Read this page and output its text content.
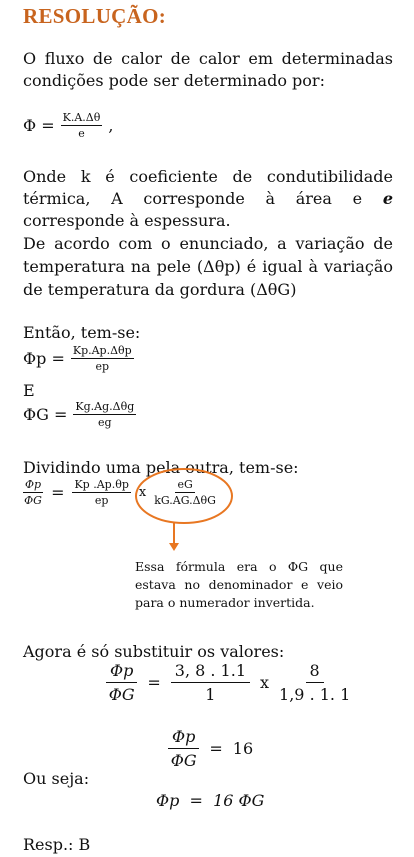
RESOLUÇÃO:
O fluxo de calor de calor em determinadas condições pode ser determinado por:
$\Phi = \frac{K.A.\Delta\theta}{e}$ ,
Onde k é coeficiente de condutibilidade térmica, A corresponde à área e e corresponde à espessura.
De acordo com o enunciado, a variação de temperatura na pele (Δθp) é igual à variação de temperatura da gordura (ΔθG)
Então, tem-se:
$\Phi p = \frac{\text{Kp.Ap.Δθp}}{ep}$
E
$\Phi G = \frac{\text{Kg.Ag.Δθg}}{eg}$
Dividindo uma pela outra, tem-se:
$\frac{\Phi p}{\Phi G} = \frac{Kp .Ap.\theta p}{ep}$ x $\frac{eG}{\text{kG.AG.ΔθG}}$
Essa fórmula era o ΦG que estava no denominador e veio para o numerador invertida.
Agora é só substituir os valores:
$\frac{\Phi p}{\Phi G} = \frac{3, 8 . 1.1}{1}$ x $\frac{8}{1,9 . 1. 1}$
$\frac{\Phi p}{\Phi G} = 16$
Ou seja:
Φp  =  16 ΦG
Resp.: B
